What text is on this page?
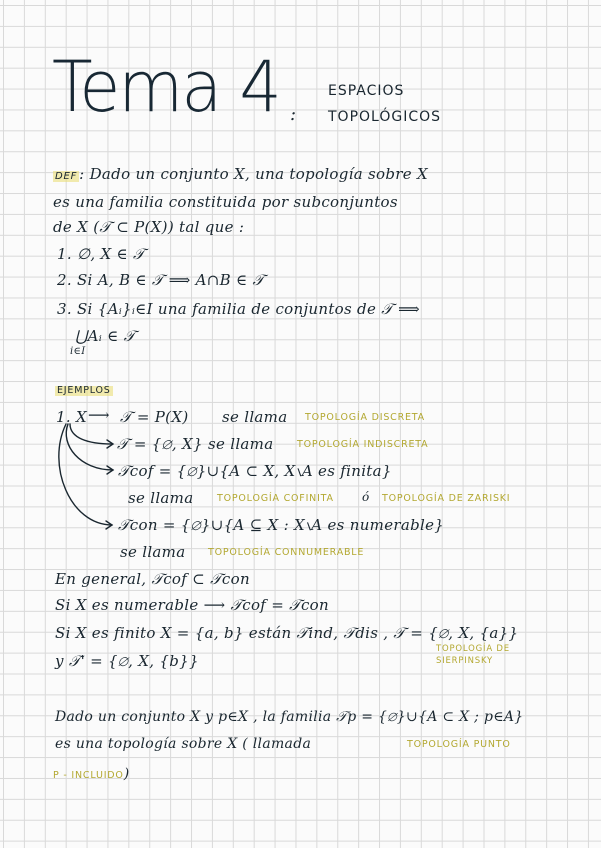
Tema 4 :
ESPACIOS
TOPOLÓGICOS
DEF : Dado un conjunto X, una topología sobre X
es una familia constituida por subconjuntos
de X (𝒯 ⊂ P(X)) tal que :
1. ∅, X ∈ 𝒯
2. Si A, B ∈ 𝒯 ⟹ A∩B ∈ 𝒯
3. Si {Aᵢ}ᵢ∈I una familia de conjuntos de 𝒯 ⟹
⋃Aᵢ ∈ 𝒯
i∈I
EJEMPLOS
1. X ⟶ 𝒯 = P(X) se llama TOPOLOGÍA DISCRETA
𝒯 = {∅, X} se llama TOPOLOGÍA INDISCRETA
𝒯cof = {∅}∪{A ⊂ X, X∖A es finita}
se llama TOPOLOGÍA COFINITA ó TOPOLOGÍA DE ZARISKI
𝒯con = {∅}∪{A ⊆ X : X∖A es numerable}
se llama TOPOLOGÍA CONNUMERABLE
En general, 𝒯cof ⊂ 𝒯con
Si X es numerable ⟶ 𝒯cof = 𝒯con
Si X es finito X = {a, b} están 𝒯ind, 𝒯dis , 𝒯 = {∅, X, {a}}
y 𝒯' = {∅, X, {b}}
TOPOLOGÍA DE
SIERPINSKY
Dado un conjunto X y p∈X , la familia 𝒯p = {∅}∪{A ⊂ X ; p∈A}
es una topología sobre X ( llamada	TOPOLOGÍA PUNTO
P - INCLUIDO)
